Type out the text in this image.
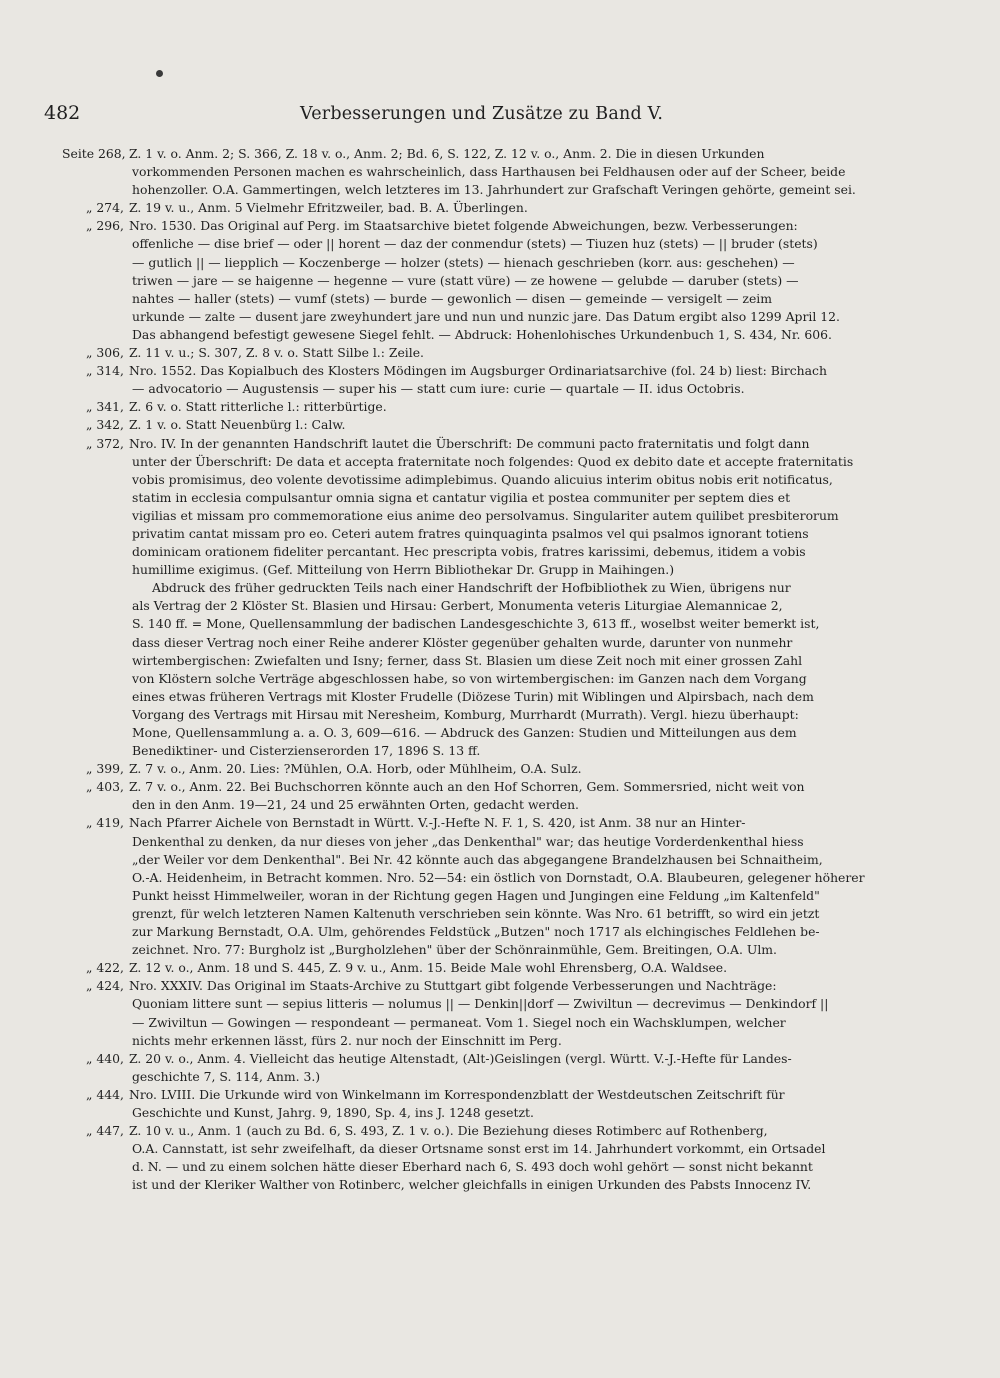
482	Verbesserungen und Zusätze zu Band V.
Seite 268, Z. 1 v. o. Anm. 2; S. 366, Z. 18 v. o., Anm. 2; Bd. 6, S. 122, Z. 12 v. o., Anm. 2. Die in diesen Urkunden
vorkommenden Personen machen es wahrscheinlich, dass Harthausen bei Feldhausen oder auf der Scheer, beide
hohenzoller. O.A. Gammertingen, welch letzteres im 13. Jahrhundert zur Grafschaft Veringen gehörte, gemeint sei.
„ 274, Z. 19 v. u., Anm. 5 Vielmehr Efritzweiler, bad. B. A. Überlingen.
„ 296, Nro. 1530. Das Original auf Perg. im Staatsarchive bietet folgende Abweichungen, bezw. Verbesserungen:
offenliche — dise brief — oder || horent — daz der conmendur (stets) — Tiuzen huz (stets) — || bruder (stets)
— gutlich || — liepplich — Koczenberge — holzer (stets) — hienach geschrieben (korr. aus: geschehen) —
triwen — jare — se haigenne — hegenne — vure (statt vüre) — ze howene — gelubde — daruber (stets) —
nahtes — haller (stets) — vumf (stets) — burde — gewonlich — disen — gemeinde — versigelt — zeim
urkunde — zalte — dusent jare zweyhundert jare und nun und nunzic jare. Das Datum ergibt also 1299 April 12.
Das abhangend befestigt gewesene Siegel fehlt. — Abdruck: Hohenlohisches Urkundenbuch 1, S. 434, Nr. 606.
„ 306, Z. 11 v. u.; S. 307, Z. 8 v. o. Statt Silbe l.: Zeile.
„ 314, Nro. 1552. Das Kopialbuch des Klosters Mödingen im Augsburger Ordinariatsarchive (fol. 24 b) liest: Birchach
— advocatorio — Augustensis — super his — statt cum iure: curie — quartale — II. idus Octobris.
„ 341, Z. 6 v. o. Statt ritterliche l.: ritterbürtige.
„ 342, Z. 1 v. o. Statt Neuenbürg l.: Calw.
„ 372, Nro. IV. In der genannten Handschrift lautet die Überschrift: De communi pacto fraternitatis und folgt dann
unter der Überschrift: De data et accepta fraternitate noch folgendes: Quod ex debito date et accepte fraternitatis
vobis promisimus, deo volente devotissime adimplebimus. Quando alicuius interim obitus nobis erit notificatus,
statim in ecclesia compulsantur omnia signa et cantatur vigilia et postea communiter per septem dies et
vigilias et missam pro commemoratione eius anime deo persolvamus. Singulariter autem quilibet presbiterorum
privatim cantat missam pro eo. Ceteri autem fratres quinquaginta psalmos vel qui psalmos ignorant totiens
dominicam orationem fideliter percantant. Hec prescripta vobis, fratres karissimi, debemus, itidem a vobis
humillime exigimus. (Gef. Mitteilung von Herrn Bibliothekar Dr. Grupp in Maihingen.)
Abdruck des früher gedruckten Teils nach einer Handschrift der Hofbibliothek zu Wien, übrigens nur
als Vertrag der 2 Klöster St. Blasien und Hirsau: Gerbert, Monumenta veteris Liturgiae Alemannicae 2,
S. 140 ff. = Mone, Quellensammlung der badischen Landesgeschichte 3, 613 ff., woselbst weiter bemerkt ist,
dass dieser Vertrag noch einer Reihe anderer Klöster gegenüber gehalten wurde, darunter von nunmehr
wirtembergischen: Zwiefalten und Isny; ferner, dass St. Blasien um diese Zeit noch mit einer grossen Zahl
von Klöstern solche Verträge abgeschlossen habe, so von wirtembergischen: im Ganzen nach dem Vorgang
eines etwas früheren Vertrags mit Kloster Frudelle (Diözese Turin) mit Wiblingen und Alpirsbach, nach dem
Vorgang des Vertrags mit Hirsau mit Neresheim, Komburg, Murrhardt (Murrath). Vergl. hiezu überhaupt:
Mone, Quellensammlung a. a. O. 3, 609—616. — Abdruck des Ganzen: Studien und Mitteilungen aus dem
Benediktiner- und Cisterzienserorden 17, 1896 S. 13 ff.
„ 399, Z. 7 v. o., Anm. 20. Lies: ?Mühlen, O.A. Horb, oder Mühlheim, O.A. Sulz.
„ 403, Z. 7 v. o., Anm. 22. Bei Buchschorren könnte auch an den Hof Schorren, Gem. Sommersried, nicht weit von
den in den Anm. 19—21, 24 und 25 erwähnten Orten, gedacht werden.
„ 419, Nach Pfarrer Aichele von Bernstadt in Württ. V.-J.-Hefte N. F. 1, S. 420, ist Anm. 38 nur an Hinter-
Denkenthal zu denken, da nur dieses von jeher „das Denkenthal" war; das heutige Vorderdenkenthal hiess
„der Weiler vor dem Denkenthal". Bei Nr. 42 könnte auch das abgegangene Brandelzhausen bei Schnaitheim,
O.-A. Heidenheim, in Betracht kommen. Nro. 52—54: ein östlich von Dornstadt, O.A. Blaubeuren, gelegener höherer
Punkt heisst Himmelweiler, woran in der Richtung gegen Hagen und Jungingen eine Feldung „im Kaltenfeld"
grenzt, für welch letzteren Namen Kaltenuth verschrieben sein könnte. Was Nro. 61 betrifft, so wird ein jetzt
zur Markung Bernstadt, O.A. Ulm, gehörendes Feldstück „Butzen" noch 1717 als elchingisches Feldlehen be-
zeichnet. Nro. 77: Burgholz ist „Burgholzlehen" über der Schönrainmühle, Gem. Breitingen, O.A. Ulm.
„ 422, Z. 12 v. o., Anm. 18 und S. 445, Z. 9 v. u., Anm. 15. Beide Male wohl Ehrensberg, O.A. Waldsee.
„ 424, Nro. XXXIV. Das Original im Staats-Archive zu Stuttgart gibt folgende Verbesserungen und Nachträge:
Quoniam littere sunt — sepius litteris — nolumus || — Denkin||dorf — Zwiviltun — decrevimus — Denkindorf ||
— Zwiviltun — Gowingen — respondeant — permaneat. Vom 1. Siegel noch ein Wachsklumpen, welcher
nichts mehr erkennen lässt, fürs 2. nur noch der Einschnitt im Perg.
„ 440, Z. 20 v. o., Anm. 4. Vielleicht das heutige Altenstadt, (Alt-)Geislingen (vergl. Württ. V.-J.-Hefte für Landes-
geschichte 7, S. 114, Anm. 3.)
„ 444, Nro. LVIII. Die Urkunde wird von Winkelmann im Korrespondenzblatt der Westdeutschen Zeitschrift für
Geschichte und Kunst, Jahrg. 9, 1890, Sp. 4, ins J. 1248 gesetzt.
„ 447, Z. 10 v. u., Anm. 1 (auch zu Bd. 6, S. 493, Z. 1 v. o.). Die Beziehung dieses Rotimberc auf Rothenberg,
O.A. Cannstatt, ist sehr zweifelhaft, da dieser Ortsname sonst erst im 14. Jahrhundert vorkommt, ein Ortsadel
d. N. — und zu einem solchen hätte dieser Eberhard nach 6, S. 493 doch wohl gehört — sonst nicht bekannt
ist und der Kleriker Walther von Rotinberc, welcher gleichfalls in einigen Urkunden des Pabsts Innocenz IV.
